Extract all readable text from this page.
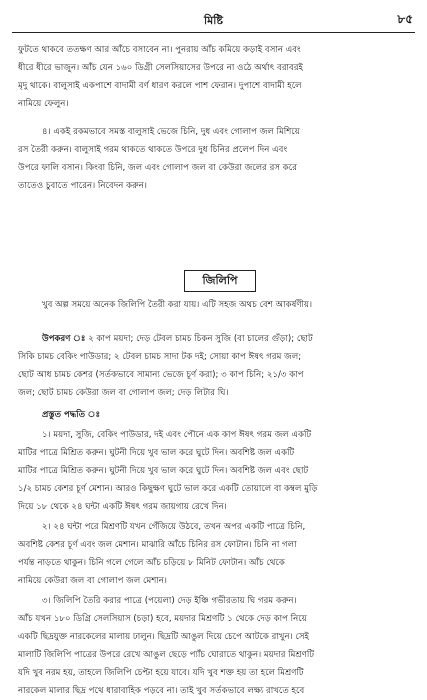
মিষ্টি	৮৫

ফুটতে থাকবে ততক্ষণ আর আঁচে বসাবেন না। পুনরায় আঁচ কমিয়ে কড়াই বসান এবং
ধীরে ধীরে ভাজুন। আঁচ যেন ১৬০ ডিগ্রী সেলসিয়াসের উপরে না ওঠে অর্থাৎ বরাবরই
মৃদু থাকে। বালুসাই একপাশে বাদামী বর্ণ ধারণ করলে পাশ ফেরান। দুপাশে বাদামী হলে
নামিয়ে ফেলুন।

৪। একই রকমভাবে সমস্ত বালুসাই ভেজে চিনি, দুধ এবং গোলাপ জল মিশিয়ে
রস তৈরী করুন। বালুসাই গরম থাকতে থাকতে উপরে দুধ চিনির প্রলেপ দিন এবং
উপরে ফালি বসান। কিংবা চিনি, জল এবং গোলাপ জল বা কেউরা জলের রস করে
তাতেও চুবাতে পারেন। নিবেদন করুন।

জিলিপি

খুব অল্প সময়ে অনেক জিলিপি তৈরী করা যায়। এটি সহজ অথচ বেশ আকর্ষণীয়।

উপকরণ ঃ ২ কাপ ময়দা; দেড় টেবল চামচ চিকন সুজি (বা চালের গুঁড়া); ছোট
সিকি চামচ বেকিং পাউডার; ২ টেবল চামচ সাদা টক দই; সোয়া কাপ ঈষৎ গরম জল;
ছোট আধ চামচ কেশর (সর্তকভাবে সামান্য ভেজে চূর্ণ করা); ৩ কাপ চিনি; ২১/৩ কাপ
জল; ছোট চামচ কেউরা জল বা গোলাপ জল; দেড় লিটার ঘি।

প্রস্তুত পদ্ধতি ঃ

১। ময়দা, সুজি, বেকিং পাউডার, দই এবং পৌনে এক কাপ ঈষৎ গরম জল একটি
মাটির পাত্রে মিশ্রিত করুন। ঘুটনী দিয়ে খুব ভাল করে ঘুটে দিন। অবশিষ্ট জল একটি
মাটির পাত্রে মিশ্রিত করুন। ঘুটনী দিয়ে খুব ভাল করে ঘুটে দিন। অবশিষ্ট জল এবং ছোট
১/২ চামচ কেশর চূর্ণ মেশান। আরও কিছুক্ষণ ঘুটে ভাল করে একটি তোয়ালে বা কম্বল মুড়ি
দিয়ে ১৮ থেকে ২৪ ঘন্টা একটি ঈষৎ গরম জায়গায় রেখে দিন।

২। ২৪ ঘন্টা পরে মিশ্রণটি যখন গেঁজিয়ে উঠবে, তখন অপর একটি পাত্রে চিনি,
অবশিষ্ট কেশর চূর্ণ এবং জল মেশান। মাঝারি আঁচে চিনির রস ফোটান। চিনি না গলা
পর্যন্ত নাড়তে থাকুন। চিনি গলে গেলে আঁচ চড়িয়ে ৮ মিনিট ফোটান। আঁচ থেকে
নামিয়ে কেউরা জল বা গোলাপ জল মেশান।

৩। জিলিপি তৈরি করার পাত্রে (পয়েলা) দেড় ইঞ্চি গভীরতায় ঘি গরম করুন।
আঁচ যখন ১৮০ ডিগ্রি সেলসিয়াস (চড়া) হবে, ময়দার মিশ্রণটি ১ থেকে দেড় কাপ নিয়ে
একটি ছিদ্রযুক্ত নারকেলের মালায় ঢালুন। ছিদ্রটি আঙুল দিয়ে চেপে আটকে রাখুন। সেই
মালাটি জিলিপি পাত্রের উপরে রেখে আঙুল ছেড়ে প্যাঁচ ঘোরাতে থাকুন। ময়দার মিশ্রণটি
যদি খুব নরম হয়, তাহলে জিলিপি চেপ্টা হয়ে যাবে। যদি খুব শক্ত হয় তা হলে মিশ্রণটি
নারকেল মালার ছিদ্র পথে ধারাবাহিক পড়বে না। তাই খুব সর্তকভাবে লক্ষ্য রাখতে হবে
